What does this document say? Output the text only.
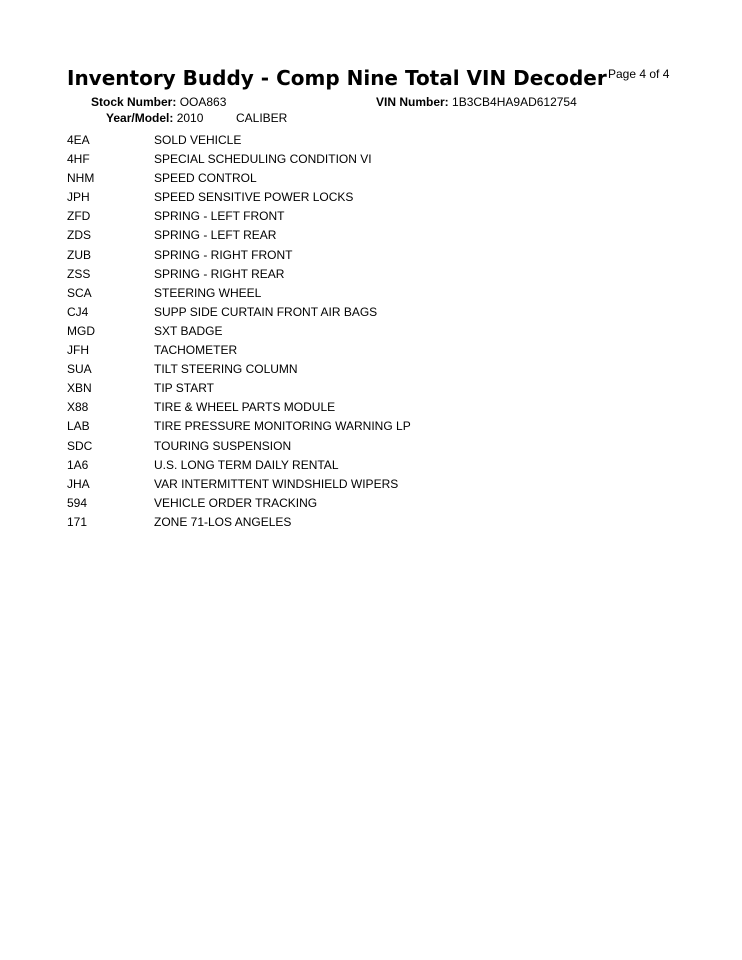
Inventory Buddy - Comp Nine Total VIN Decoder Page 4 of 4
Stock Number: OOA863	VIN Number: 1B3CB4HA9AD612754
Year/Model: 2010	CALIBER
4EA	SOLD VEHICLE
4HF	SPECIAL SCHEDULING CONDITION VI
NHM	SPEED CONTROL
JPH	SPEED SENSITIVE POWER LOCKS
ZFD	SPRING - LEFT FRONT
ZDS	SPRING - LEFT REAR
ZUB	SPRING - RIGHT FRONT
ZSS	SPRING - RIGHT REAR
SCA	STEERING WHEEL
CJ4	SUPP SIDE CURTAIN FRONT AIR BAGS
MGD	SXT BADGE
JFH	TACHOMETER
SUA	TILT STEERING COLUMN
XBN	TIP START
X88	TIRE & WHEEL PARTS MODULE
LAB	TIRE PRESSURE MONITORING WARNING LP
SDC	TOURING SUSPENSION
1A6	U.S. LONG TERM DAILY RENTAL
JHA	VAR INTERMITTENT WINDSHIELD WIPERS
594	VEHICLE ORDER TRACKING
171	ZONE 71-LOS ANGELES
